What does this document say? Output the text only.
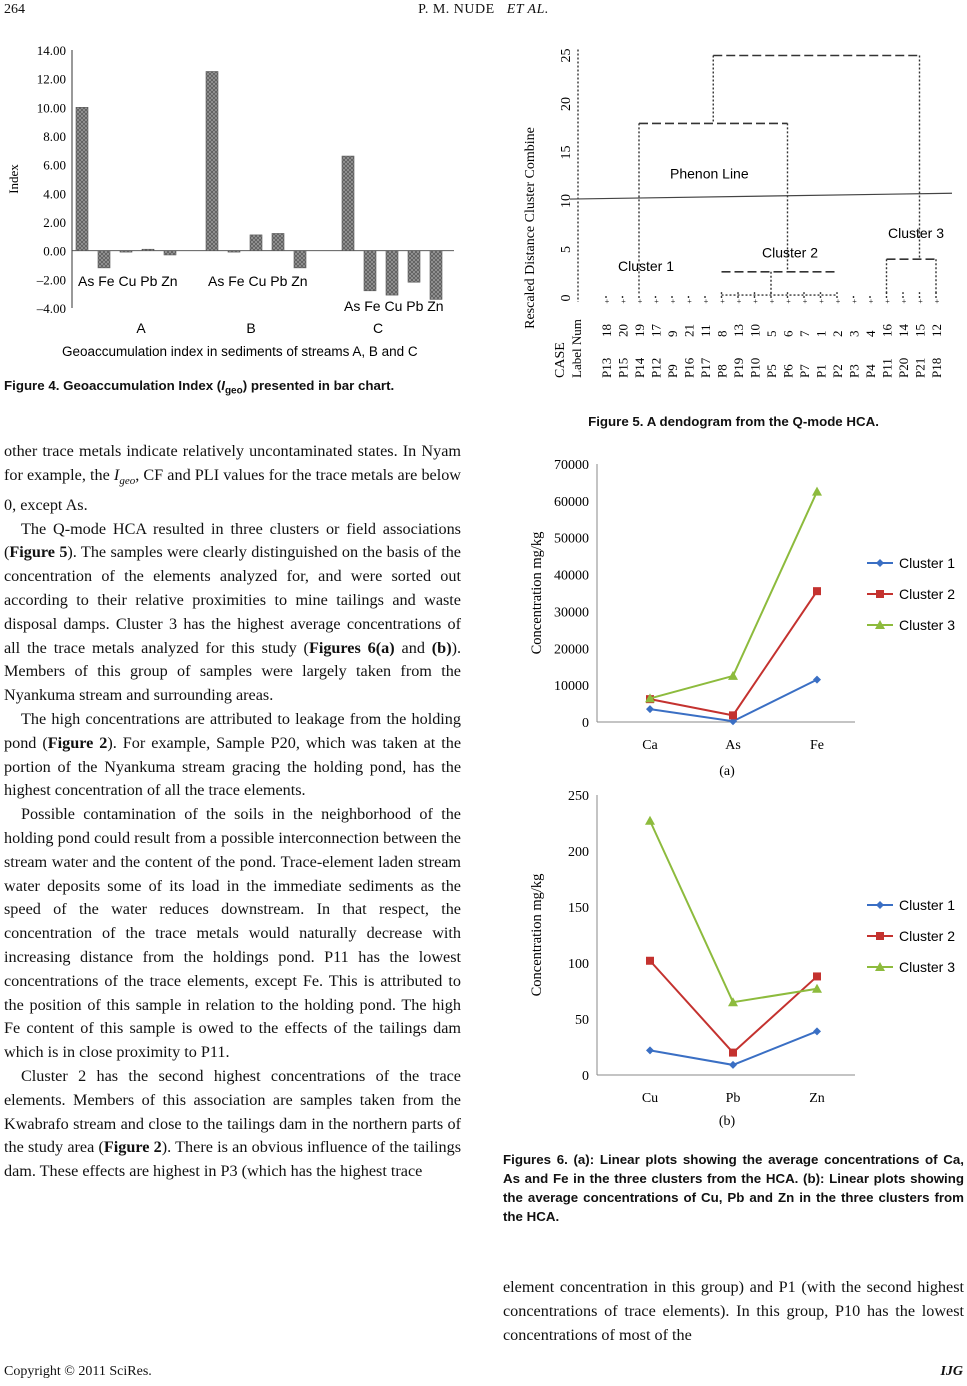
264	P. M. NUDE ET AL.
14.00
12.00
10.00
8.00
6.00
4.00
2.00
0.00
–2.00
–4.00
Index
As Fe Cu Pb Zn As Fe Cu Pb Zn
As Fe Cu Pb Zn
A	B	C
Geoaccumulation index in sediments of streams A, B and C
Figure 4. Geoaccumulation Index $(I_{geo})$ presented in bar chart.

other trace metals indicate relatively uncontaminated states. In Nyam for example, the $I_{geo}$, CF and PLI values for the trace metals are below 0, except As.

The Q-mode HCA resulted in three clusters or field associations (Figure 5). The samples were clearly distinguished on the basis of the concentration of the elements analyzed for, and were sorted out according to their relative proximities to mine tailings and waste disposal damps. Cluster 3 has the highest average concentrations of all the trace metals analyzed for this study (Figures 6(a) and (b)). Members of this group of samples were largely taken from the Nyankuma stream and surrounding areas.

The high concentrations are attributed to leakage from the holding pond (Figure 2). For example, Sample P20, which was taken at the portion of the Nyankuma stream gracing the holding pond, has the highest concentration of all the trace elements.

Possible contamination of the soils in the neighborhood of the holding pond could result from a possible interconnection between the stream water and the content of the pond. Trace-element laden stream water deposits some of its load in the immediate sediments as the speed of the water reduces downstream. In that respect, the concentration of the trace metals would naturally decrease with increasing distance from the holdings pond. P11 has the lowest concentrations of the trace elements, except Fe. This is attributed to the position of this sample in relation to the holding pond. The high Fe content of this sample is owed to the effects of the tailings dam which is in close proximity to P11.

Cluster 2 has the second highest concentrations of the trace elements. Members of this association are samples taken from the Kwabrafo stream and close to the tailings dam in the northern parts of the study area (Figure 2). There is an obvious influence of the tailings dam. These effects are highest in P3 (which has the highest trace

0
5
10
15
20
25
Rescaled Distance Cluster Combine	Phenon Line
+ + + + + + + + + + + + + + + + + + + + +
Cluster 1
Cluster 2
Cluster 3
CASE Label Num P13
18
P15
20
P14
19
P12
17
P9
9
P16
21
P17
11
P8
8
P19
13
P10
10
P5
5
P6
6
P7
7
P1
1
P2
2
P3
3
P4
4
P11
16
P20
14
P21
15
P18
12
Figure 5. A dendogram from the Q-mode HCA.
0
10000
20000
30000
40000
50000
60000
70000
Concentration mg/kg
Ca	As	Fe
Cluster 1
Cluster 2
Cluster 3
(a)
0
50
100
150
200
250
Concentration mg/kg
Cu	Pb	Zn
Cluster 1
Cluster 2
Cluster 3
(b)
Figures 6. (a): Linear plots showing the average concentrations of Ca, As and Fe in the three clusters from the HCA. (b): Linear plots showing the average concentrations of Cu, Pb and Zn in the three clusters from the HCA.

element concentration in this group) and P1 (with the second highest concentrations of trace elements). In this group, P10 has the lowest concentrations of most of the

Copyright © 2011 SciRes.	IJG
